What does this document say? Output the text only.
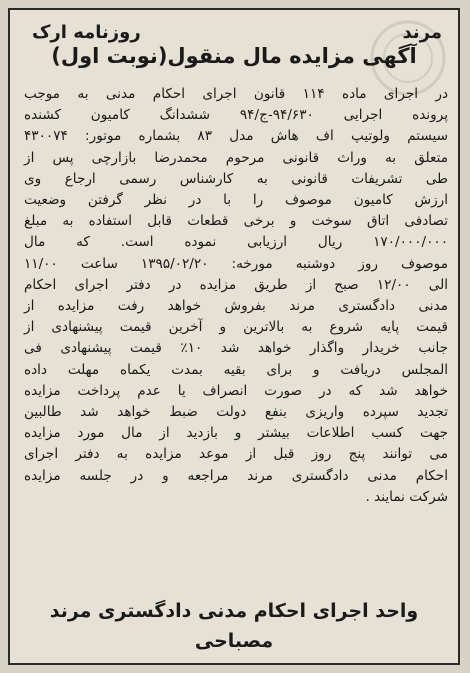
مرند
روزنامه ارک
آگهی مزایده مال منقول(نوبت اول)
در اجرای ماده ۱۱۴ قانون اجرای احکام مدنی به موجب
پرونده اجرایی ۹۴/۶۳۰-ج/۹۴ ششدانگ کامیون کشنده
سیستم ولوتیپ اف هاش مدل ۸۳ بشماره موتور: ۴۳۰۰۷۴
متعلق به وراث قانونی مرحوم محمدرضا بازارچی پس از
طی تشریفات قانونی به کارشناس رسمی ارجاع وی
ارزش کامیون موصوف را با در نظر گرفتن وضعیت
تصادفی اتاق سوخت و برخی قطعات قابل استفاده به مبلغ
۱۷۰/۰۰۰/۰۰۰ ریال ارزیابی نموده است. که مال
موصوف روز دوشنبه مورخه: ۱۳۹۵/۰۲/۲۰ ساعت ۱۱/۰۰
الی ۱۲/۰۰ صبح از طریق مزایده در دفتر اجرای احکام
مدنی دادگستری مرند بفروش خواهد رفت مزایده از
قیمت پایه شروع به بالاترین و آخرین قیمت پیشنهادی از
جانب خریدار واگذار خواهد شد ۱۰٪ قیمت پیشنهادی فی
المجلس دریافت و برای بقیه بمدت یکماه مهلت داده
خواهد شد که در صورت انصراف یا عدم پرداخت مزایده
تجدید سپرده واریزی بنفع دولت ضبط خواهد شد طالبین
جهت کسب اطلاعات بیشتر و بازدید از مال مورد مزایده
می توانند پنج روز قبل از موعد مزایده به دفتر اجرای
احکام مدنی دادگستری مرند مراجعه و در جلسه مزایده
شرکت نمایند .
واحد اجرای احکام مدنی دادگستری مرند
مصباحی
